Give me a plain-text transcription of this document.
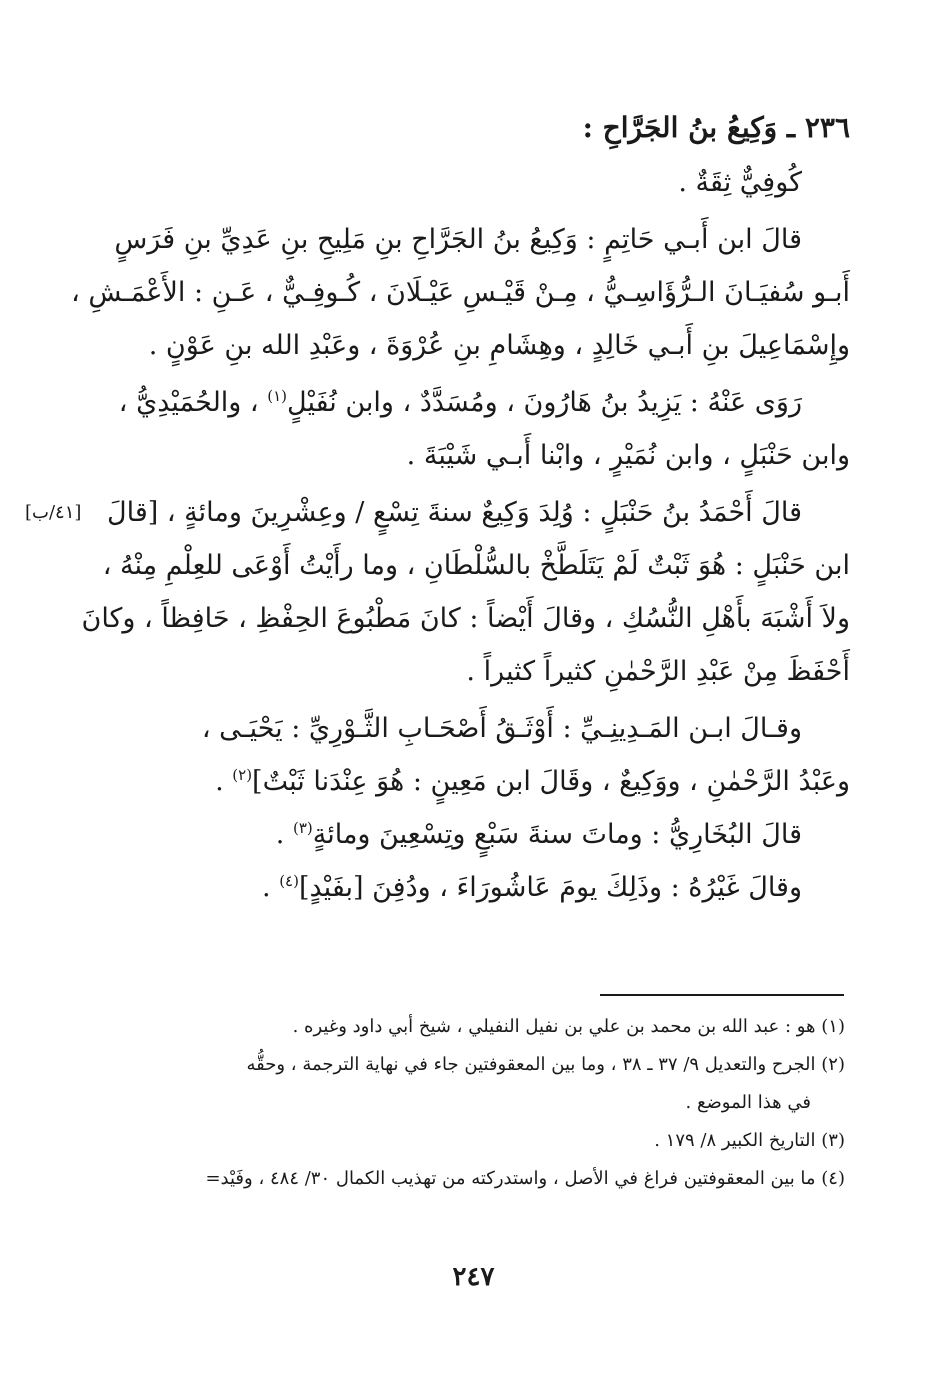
٢٣٦ ـ وَكِيعُ بنُ الجَرَّاحِ :

كُوفِيٌّ ثِقَةٌ .

قالَ ابن أَبـي حَاتِمٍ : وَكِيعُ بنُ الجَرَّاحِ بنِ مَلِيحِ بنِ عَدِيِّ بنِ فَرَسٍ

أَبـو سُفيَـانَ الـرُّؤَاسِـيُّ ، مِـنْ قَيْـسِ عَيْـلَانَ ، كُـوفِـيٌّ ، عَـنِ : الأَعْمَـشِ ،

وإِسْمَاعِيلَ بنِ أَبـي خَالِدٍ ، وهِشَامِ بنِ عُرْوَةَ ، وعَبْدِ الله بنِ عَوْنٍ .

رَوَى عَنْهُ : يَزِيدُ بنُ هَارُونَ ، ومُسَدَّدٌ ، وابن نُفَيْلٍ$^{(١)}$ ، والحُمَيْدِيُّ ،

وابن حَنْبَلٍ ، وابن نُمَيْرٍ ، وابْنا أَبـي شَيْبَةَ .

قالَ أَحْمَدُ بنُ حَنْبَلٍ : وُلِدَ وَكِيعٌ سنةَ تِسْعٍ / وعِشْرِينَ ومائةٍ ، [قالَ
[٤١/ب]

ابن حَنْبَلٍ : هُوَ ثَبْتٌ لَمْ يَتَلَطَّخْ بالسُّلْطَانِ ، وما رأَيْتُ أَوْعَى للعِلْمِ مِنْهُ ،

ولاَ أَشْبَهَ بأَهْلِ النُّسُكِ ، وقالَ أَيْضاً : كانَ مَطْبُوعَ الحِفْظِ ، حَافِظاً ، وكانَ

أَحْفَظَ مِنْ عَبْدِ الرَّحْمٰنِ كثيراً كثيراً .

وقـالَ ابـن المَـدِينِـيِّ : أَوْثَـقُ أَصْحَـابِ الثَّـوْرِيِّ : يَحْيَـى ،

وعَبْدُ الرَّحْمٰنِ ، ووَكِيعٌ ، وقَالَ ابن مَعِينٍ : هُوَ عِنْدَنا ثَبْتٌ]$^{(٢)}$ .

قالَ البُخَارِيُّ : وماتَ سنةَ سَبْعٍ وتِسْعِينَ ومائةٍ$^{(٣)}$ .

وقالَ غَيْرُهُ : وذَلِكَ يومَ عَاشُورَاءَ ، ودُفِنَ [بفَيْدٍ]$^{(٤)}$ .

(١) هو : عبد الله بن محمد بن علي بن نفيل النفيلي ، شيخ أبي داود وغيره .

(٢) الجرح والتعديل ٩/ ٣٧ ـ ٣٨ ، وما بين المعقوفتين جاء في نهاية الترجمة ، وحقُّه

في هذا الموضع .

(٣) التاريخ الكبير ٨/ ١٧٩ .

(٤) ما بين المعقوفتين فراغ في الأصل ، واستدركته من تهذيب الكمال ٣٠/ ٤٨٤ ، وفَيْد=

٢٤٧
